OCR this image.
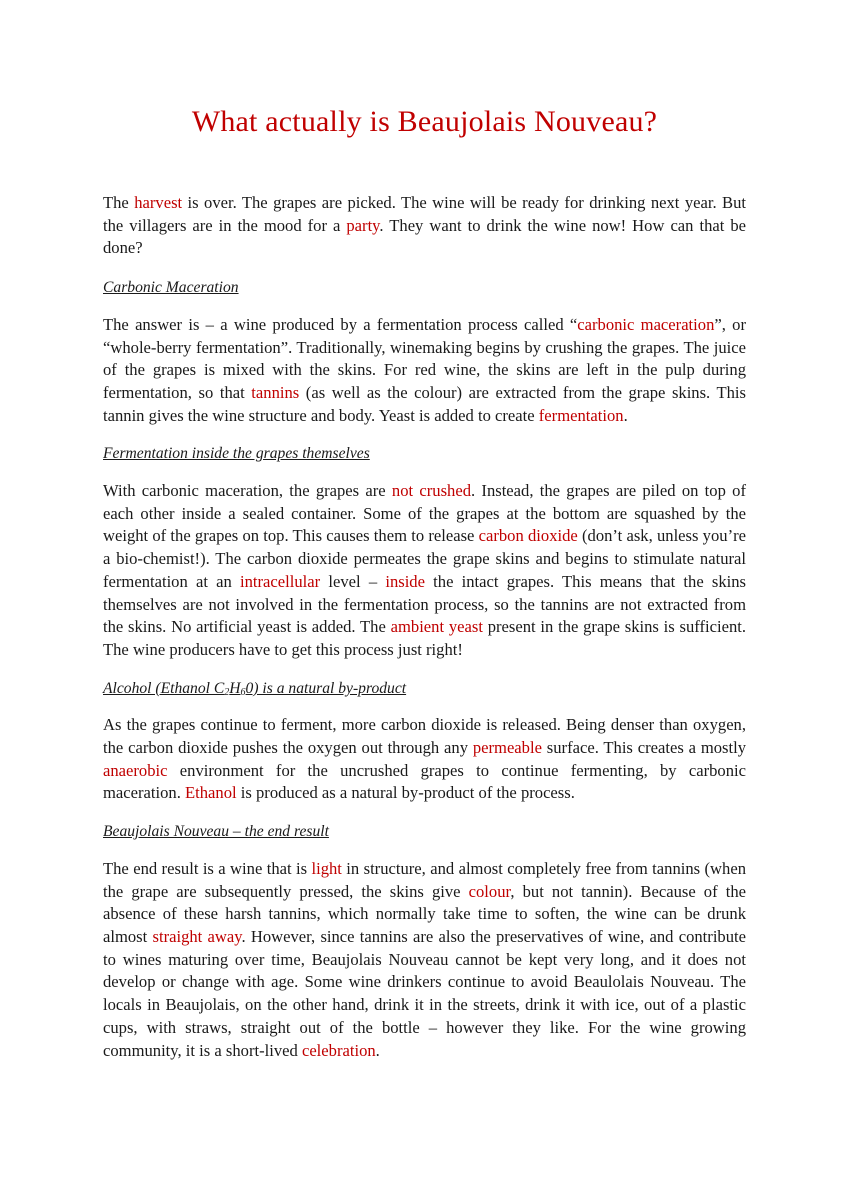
What actually is Beaujolais Nouveau?

The harvest is over. The grapes are picked. The wine will be ready for drinking next year. But the villagers are in the mood for a party. They want to drink the wine now! How can that be done?

Carbonic Maceration

The answer is – a wine produced by a fermentation process called “carbonic maceration”, or “whole-berry fermentation”. Traditionally, winemaking begins by crushing the grapes. The juice of the grapes is mixed with the skins. For red wine, the skins are left in the pulp during fermentation, so that tannins (as well as the colour) are extracted from the grape skins. This tannin gives the wine structure and body. Yeast is added to create fermentation.

Fermentation inside the grapes themselves

With carbonic maceration, the grapes are not crushed. Instead, the grapes are piled on top of each other inside a sealed container. Some of the grapes at the bottom are squashed by the weight of the grapes on top. This causes them to release carbon dioxide (don’t ask, unless you’re a bio-chemist!). The carbon dioxide permeates the grape skins and begins to stimulate natural fermentation at an intracellular level – inside the intact grapes. This means that the skins themselves are not involved in the fermentation process, so the tannins are not extracted from the skins. No artificial yeast is added. The ambient yeast present in the grape skins is sufficient. The wine producers have to get this process just right!

Alcohol (Ethanol $C_2H_60$) is a natural by-product

As the grapes continue to ferment, more carbon dioxide is released. Being denser than oxygen, the carbon dioxide pushes the oxygen out through any permeable surface. This creates a mostly anaerobic environment for the uncrushed grapes to continue fermenting, by carbonic maceration. Ethanol is produced as a natural by-product of the process.

Beaujolais Nouveau – the end result

The end result is a wine that is light in structure, and almost completely free from tannins (when the grape are subsequently pressed, the skins give colour, but not tannin). Because of the absence of these harsh tannins, which normally take time to soften, the wine can be drunk almost straight away. However, since tannins are also the preservatives of wine, and contribute to wines maturing over time, Beaujolais Nouveau cannot be kept very long, and it does not develop or change with age. Some wine drinkers continue to avoid Beaulolais Nouveau. The locals in Beaujolais, on the other hand, drink it in the streets, drink it with ice, out of a plastic cups, with straws, straight out of the bottle – however they like. For the wine growing community, it is a short-lived celebration.
